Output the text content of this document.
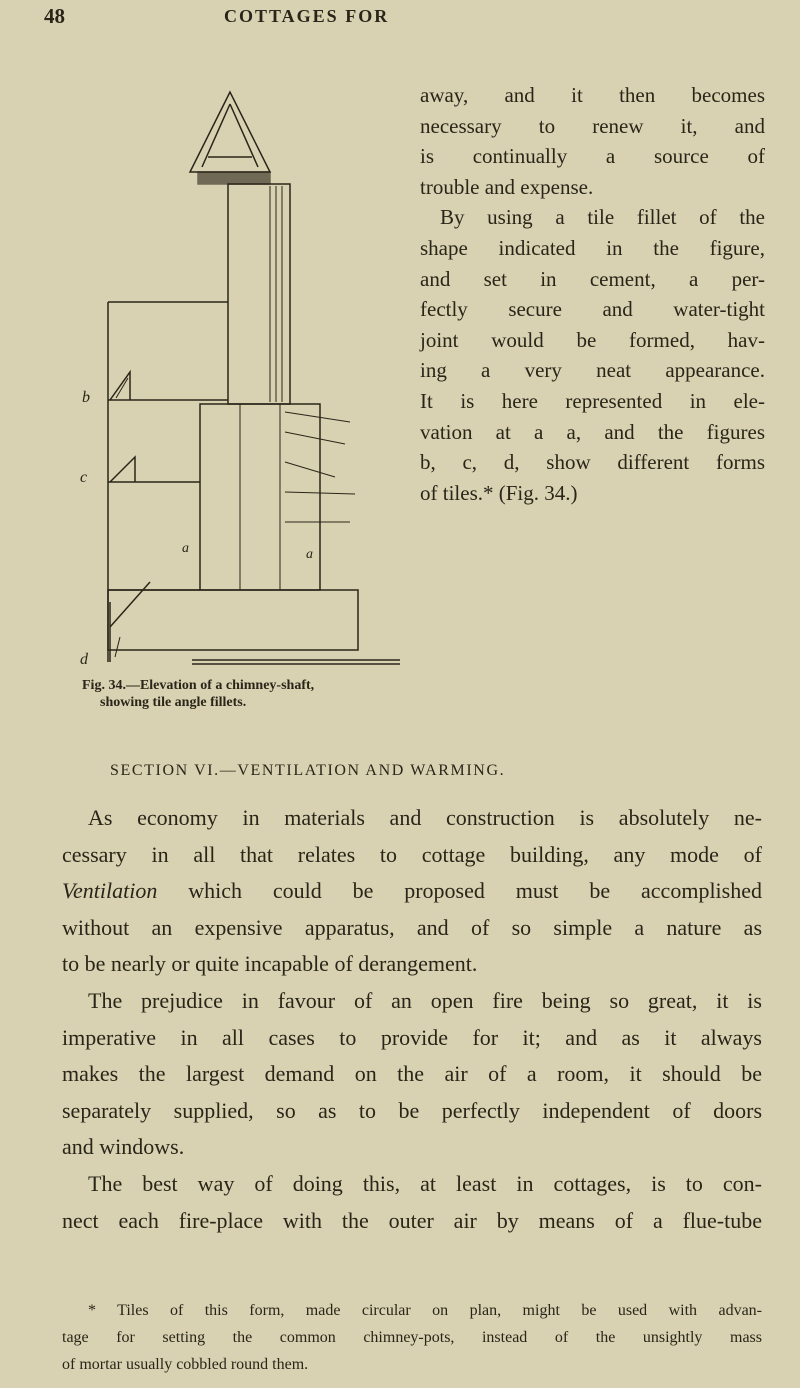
48	COTTAGES FOR
b
c
d
a	a
Fig. 34.—Elevation of a chimney-shaft,
showing tile angle fillets.
away, and it then becomes
necessary to renew it, and
is continually a source of
trouble and expense.
By using a tile fillet of the
shape indicated in the figure,
and set in cement, a per-
fectly secure and water-tight
joint would be formed, hav-
ing a very neat appearance.
It is here represented in ele-
vation at a a, and the figures
b, c, d, show different forms
of tiles.* (Fig. 34.)
SECTION VI.—VENTILATION AND WARMING.
As economy in materials and construction is absolutely ne-
cessary in all that relates to cottage building, any mode of
Ventilation which could be proposed must be accomplished
without an expensive apparatus, and of so simple a nature as
to be nearly or quite incapable of derangement.
The prejudice in favour of an open fire being so great, it is
imperative in all cases to provide for it; and as it always
makes the largest demand on the air of a room, it should be
separately supplied, so as to be perfectly independent of doors
and windows.
The best way of doing this, at least in cottages, is to con-
nect each fire-place with the outer air by means of a flue-tube
* Tiles of this form, made circular on plan, might be used with advan-
tage for setting the common chimney-pots, instead of the unsightly mass
of mortar usually cobbled round them.
